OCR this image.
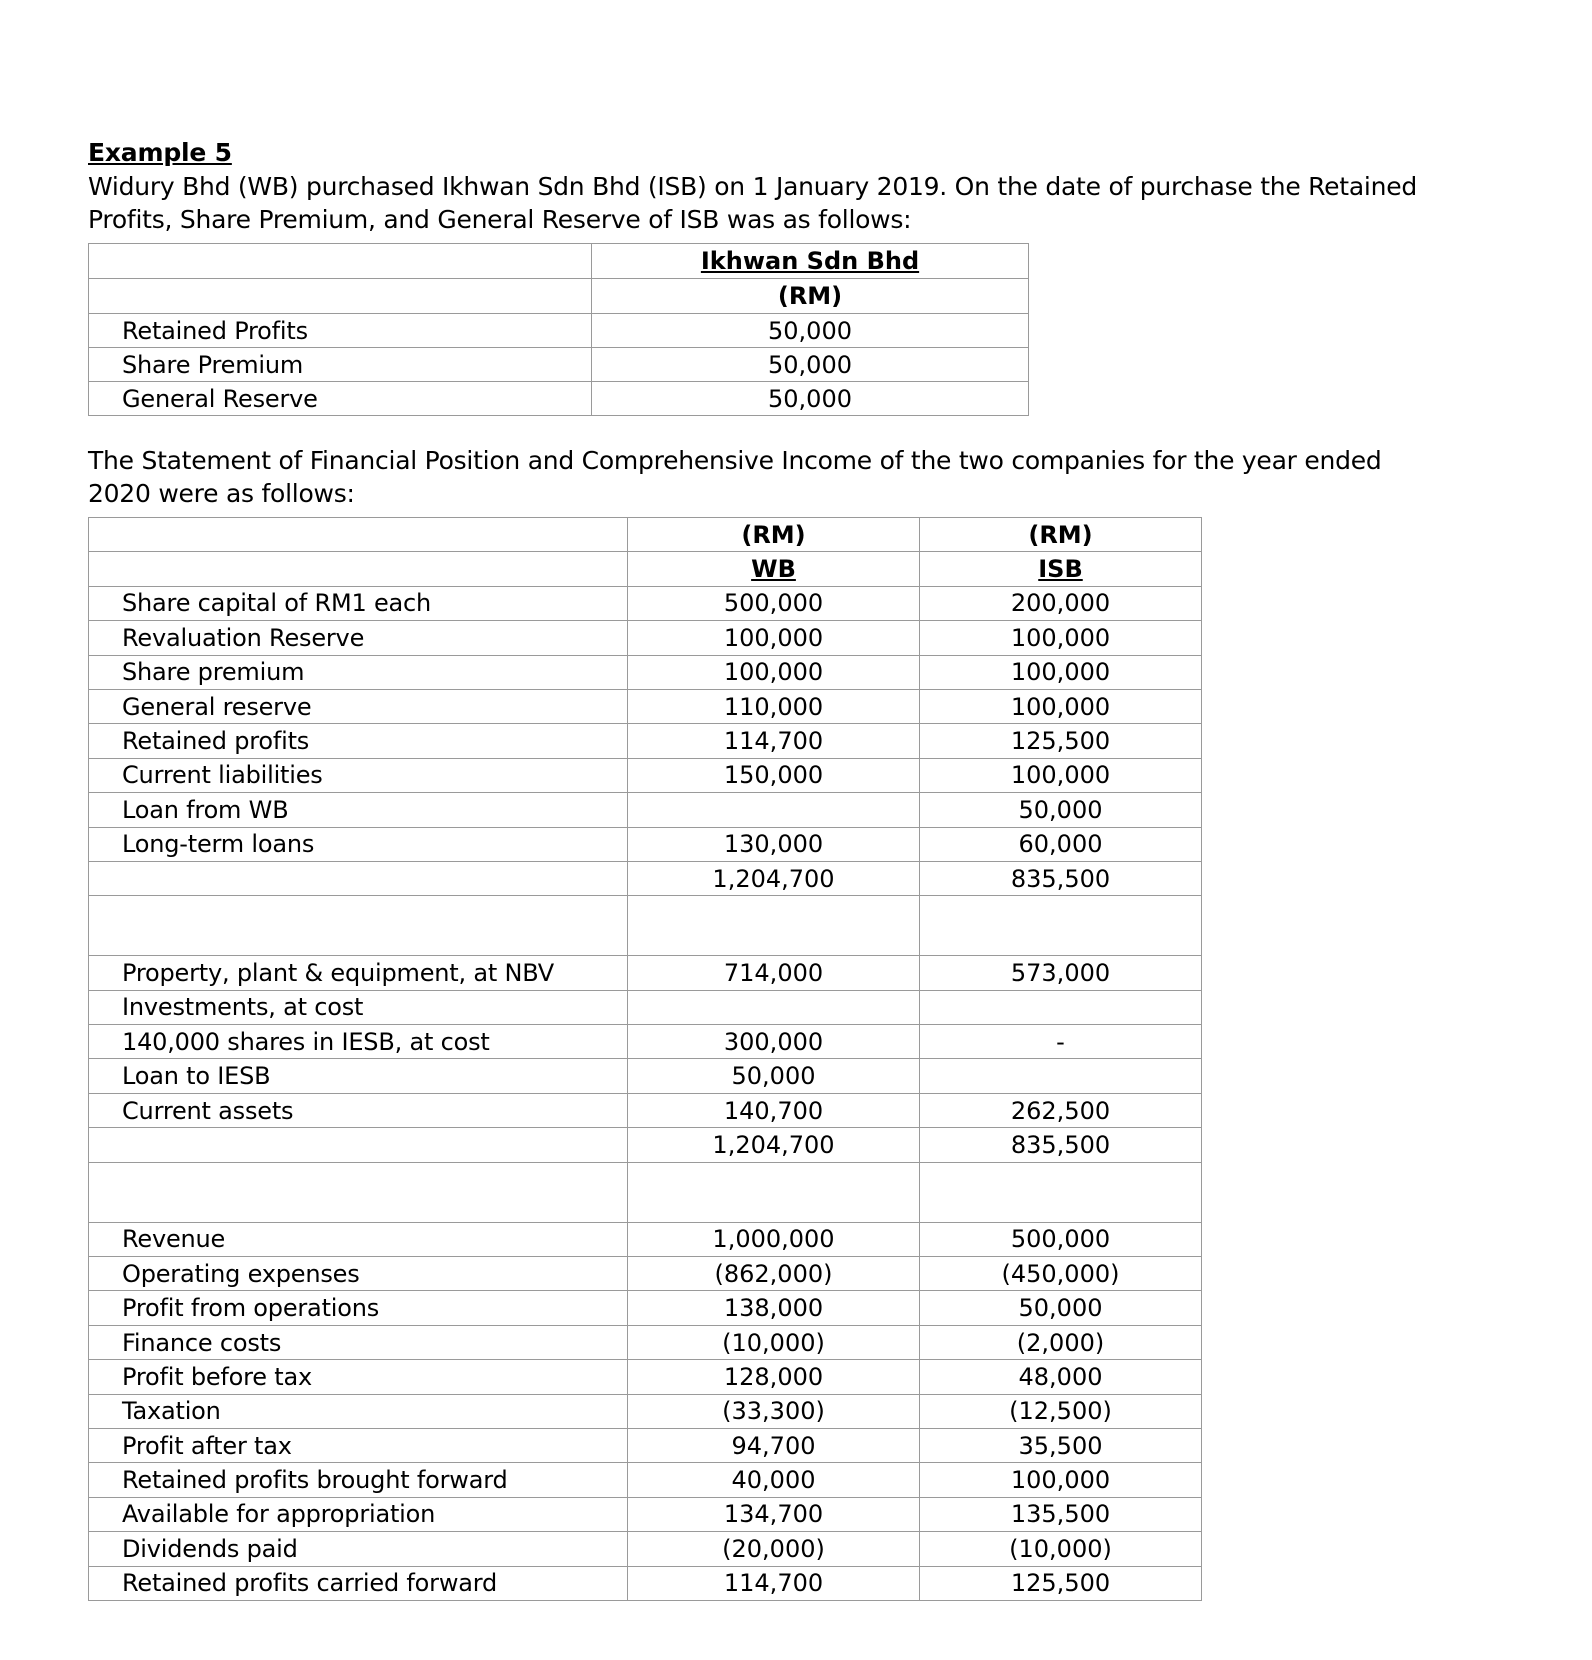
Example 5

Widury Bhd (WB) purchased Ikhwan Sdn Bhd (ISB) on 1 January 2019. On the date of purchase the Retained Profits, Share Premium, and General Reserve of ISB was as follows:

	Ikhwan Sdn Bhd
	(RM)
Retained Profits	50,000
Share Premium	50,000
General Reserve	50,000

The Statement of Financial Position and Comprehensive Income of the two companies for the year ended 2020 were as follows:

	(RM)	(RM)
	WB	ISB
Share capital of RM1 each	500,000	200,000
Revaluation Reserve	100,000	100,000
Share premium	100,000	100,000
General reserve	110,000	100,000
Retained profits	114,700	125,500
Current liabilities	150,000	100,000
Loan from WB		50,000
Long-term loans	130,000	60,000
	1,204,700	835,500

Property, plant & equipment, at NBV	714,000	573,000
Investments, at cost		
140,000 shares in IESB, at cost	300,000	-
Loan to IESB	50,000	
Current assets	140,700	262,500
	1,204,700	835,500

Revenue	1,000,000	500,000
Operating expenses	(862,000)	(450,000)
Profit from operations	138,000	50,000
Finance costs	(10,000)	(2,000)
Profit before tax	128,000	48,000
Taxation	(33,300)	(12,500)
Profit after tax	94,700	35,500
Retained profits brought forward	40,000	100,000
Available for appropriation	134,700	135,500
Dividends paid	(20,000)	(10,000)
Retained profits carried forward	114,700	125,500
